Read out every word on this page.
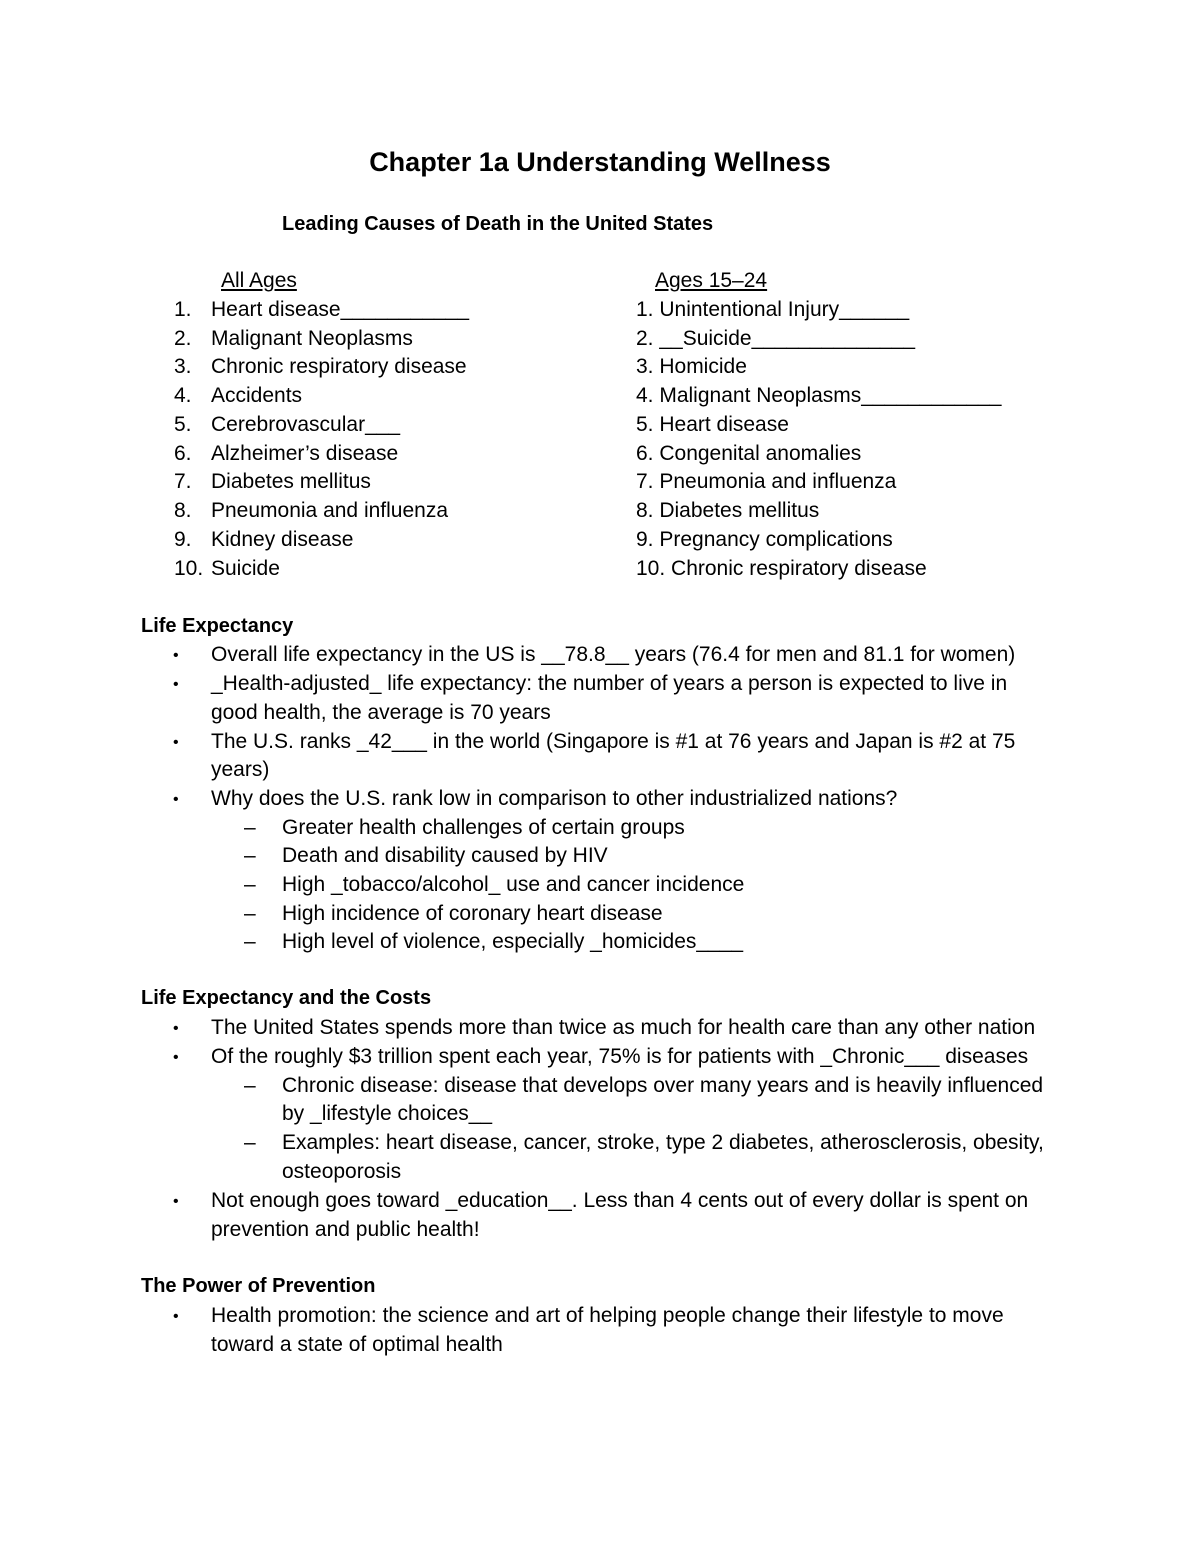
Chapter 1a Understanding Wellness
Leading Causes of Death in the United States
All Ages	Ages 15–24
1. Heart disease___________
2. Malignant Neoplasms
3. Chronic respiratory disease
4. Accidents
5. Cerebrovascular___
6. Alzheimer’s disease
7. Diabetes mellitus
8. Pneumonia and influenza
9. Kidney disease
10. Suicide
1. Unintentional Injury______
2. __Suicide______________
3. Homicide
4. Malignant Neoplasms____________
5. Heart disease
6. Congenital anomalies
7. Pneumonia and influenza
8. Diabetes mellitus
9. Pregnancy complications
10. Chronic respiratory disease
Life Expectancy
• Overall life expectancy in the US is __78.8__ years (76.4 for men and 81.1 for women)
• _Health-adjusted_ life expectancy: the number of years a person is expected to live in
good health, the average is 70 years
• The U.S. ranks _42___ in the world (Singapore is #1 at 76 years and Japan is #2 at 75
years)
• Why does the U.S. rank low in comparison to other industrialized nations?
– Greater health challenges of certain groups
– Death and disability caused by HIV
– High _tobacco/alcohol_ use and cancer incidence
– High incidence of coronary heart disease
– High level of violence, especially _homicides____
Life Expectancy and the Costs
• The United States spends more than twice as much for health care than any other nation
• Of the roughly $3 trillion spent each year, 75% is for patients with _Chronic___ diseases
– Chronic disease: disease that develops over many years and is heavily influenced
by _lifestyle choices__
– Examples: heart disease, cancer, stroke, type 2 diabetes, atherosclerosis, obesity,
osteoporosis
• Not enough goes toward _education__. Less than 4 cents out of every dollar is spent on
prevention and public health!
The Power of Prevention
• Health promotion: the science and art of helping people change their lifestyle to move
toward a state of optimal health
